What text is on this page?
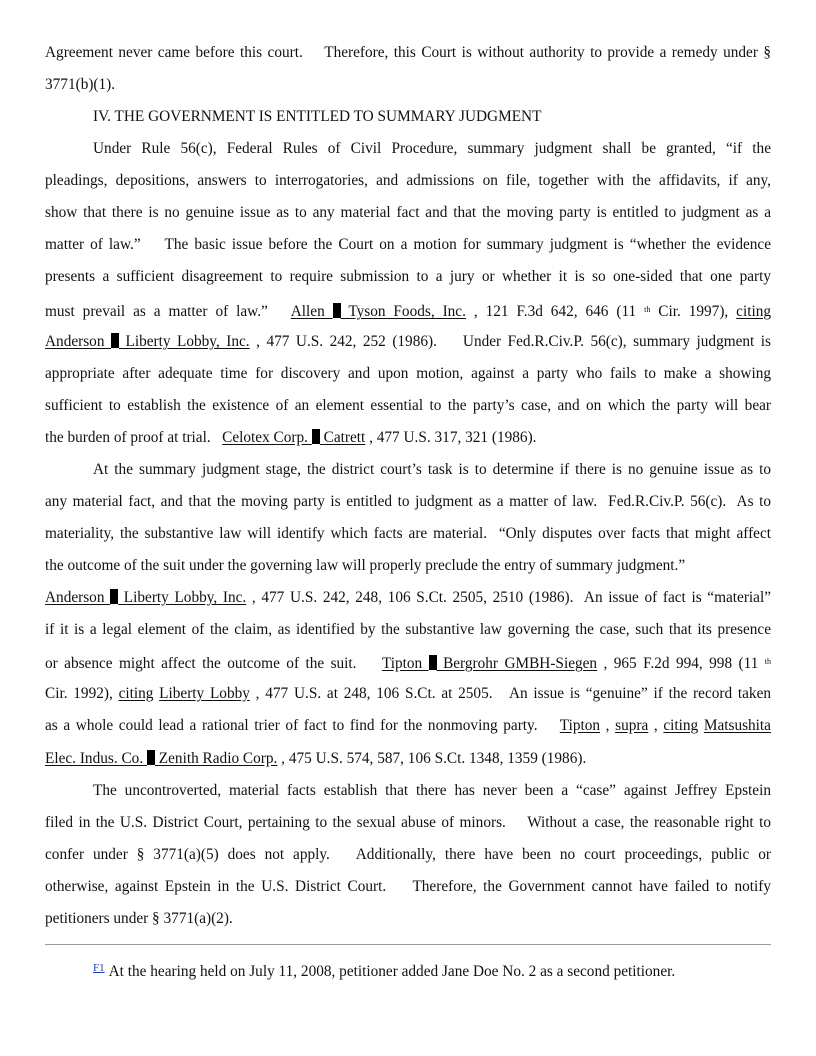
Agreement never came before this court.    Therefore, this Court is without authority to provide a remedy under §
3771(b)(1).
IV. THE GOVERNMENT IS ENTITLED TO SUMMARY JUDGMENT
Under Rule 56(c), Federal Rules of Civil Procedure, summary judgment shall be granted, “if the
pleadings, depositions, answers to interrogatories, and admissions on file, together with the affidavits, if any,
show that there is no genuine issue as to any material fact and that the moving party is entitled to judgment as a
matter of law.”    The basic issue before the Court on a motion for summary judgment is “whether the evidence
presents a sufficient disagreement to require submission to a jury or whether it is so one-sided that one party
must prevail as a matter of law.”   Allen  Tyson Foods, Inc. , 121 F.3d 642, 646 (11 $^{th}$ Cir. 1997), citing
Anderson  Liberty Lobby, Inc. , 477 U.S. 242, 252 (1986).    Under Fed.R.Civ.P. 56(c), summary judgment is
appropriate after adequate time for discovery and upon motion, against a party who fails to make a showing
sufficient to establish the existence of an element essential to the party’s case, and on which the party will bear
the burden of proof at trial.   Celotex Corp.  Catrett , 477 U.S. 317, 321 (1986).
At the summary judgment stage, the district court’s task is to determine if there is no genuine issue as to
any material fact, and that the moving party is entitled to judgment as a matter of law.  Fed.R.Civ.P. 56(c).  As to
materiality, the substantive law will identify which facts are material.  “Only disputes over facts that might affect
the outcome of the suit under the governing law will properly preclude the entry of summary judgment.”
Anderson  Liberty Lobby, Inc. , 477 U.S. 242, 248, 106 S.Ct. 2505, 2510 (1986).  An issue of fact is “material”
if it is a legal element of the claim, as identified by the substantive law governing the case, such that its presence
or absence might affect the outcome of the suit.    Tipton  Bergrohr GMBH-Siegen , 965 F.2d 994, 998 (11 $^{th}$
Cir. 1992), citing Liberty Lobby , 477 U.S. at 248, 106 S.Ct. at 2505.   An issue is “genuine” if the record taken
as a whole could lead a rational trier of fact to find for the nonmoving party.    Tipton , supra , citing Matsushita
Elec. Indus. Co.  Zenith Radio Corp. , 475 U.S. 574, 587, 106 S.Ct. 1348, 1359 (1986).
The uncontroverted, material facts establish that there has never been a “case” against Jeffrey Epstein
filed in the U.S. District Court, pertaining to the sexual abuse of minors.    Without a case, the reasonable right to
confer under § 3771(a)(5) does not apply.   Additionally, there have been no court proceedings, public or
otherwise, against Epstein in the U.S. District Court.    Therefore, the Government cannot have failed to notify
petitioners under § 3771(a)(2).
$^{F1}$ At the hearing held on July 11, 2008, petitioner added Jane Doe No. 2 as a second petitioner.
